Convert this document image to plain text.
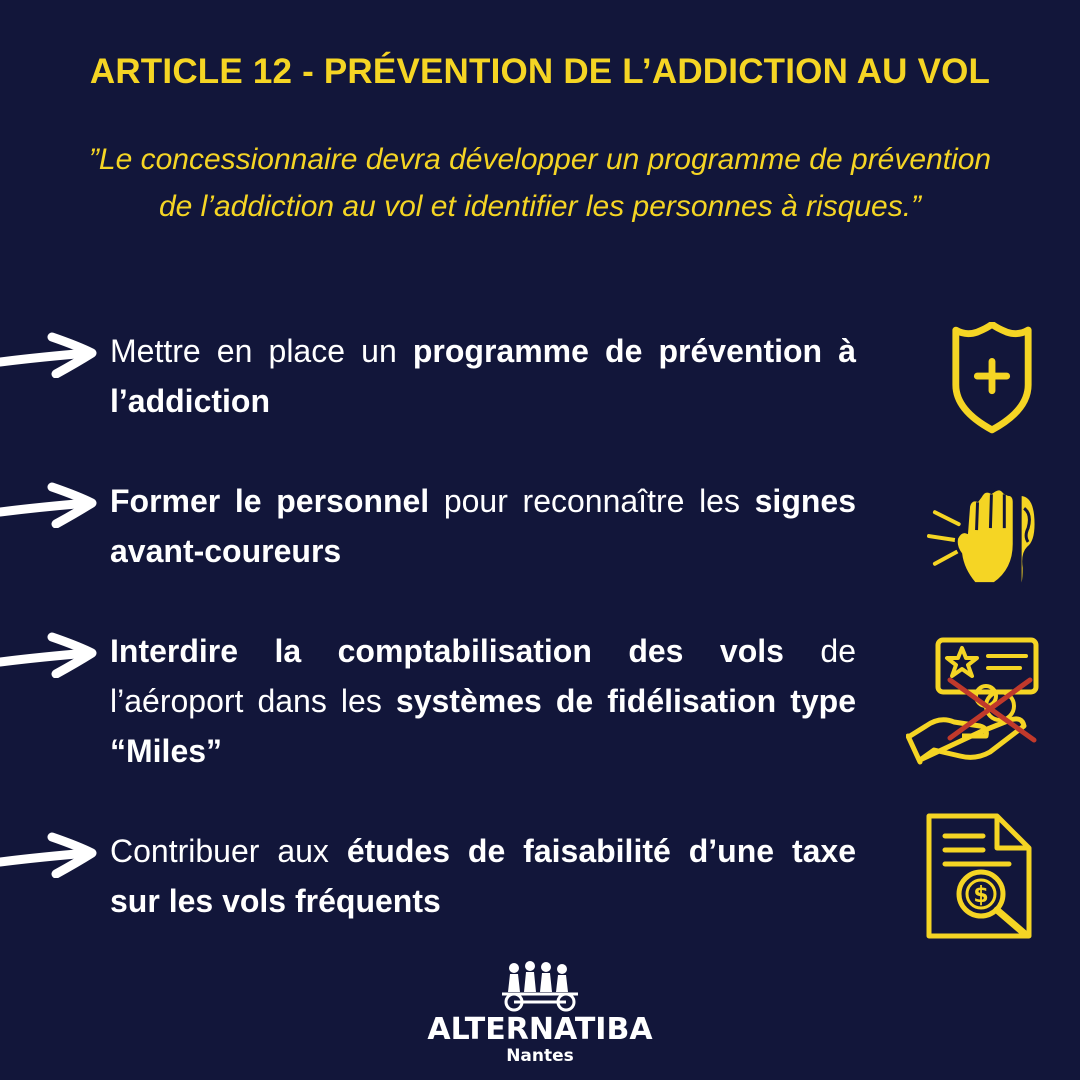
ARTICLE 12 - PRÉVENTION DE L’ADDICTION AU VOL

”Le concessionnaire devra développer un programme de prévention de l’addiction au vol et identifier les personnes à risques.”

Mettre en place un programme de prévention à l’addiction

Former le personnel pour reconnaître les signes avant-coureurs

Interdire la comptabilisation des vols de l’aéroport dans les systèmes de fidélisation type “Miles”

Contribuer aux études de faisabilité d’une taxe sur les vols fréquents	$
ALTERNATIBA
Nantes
